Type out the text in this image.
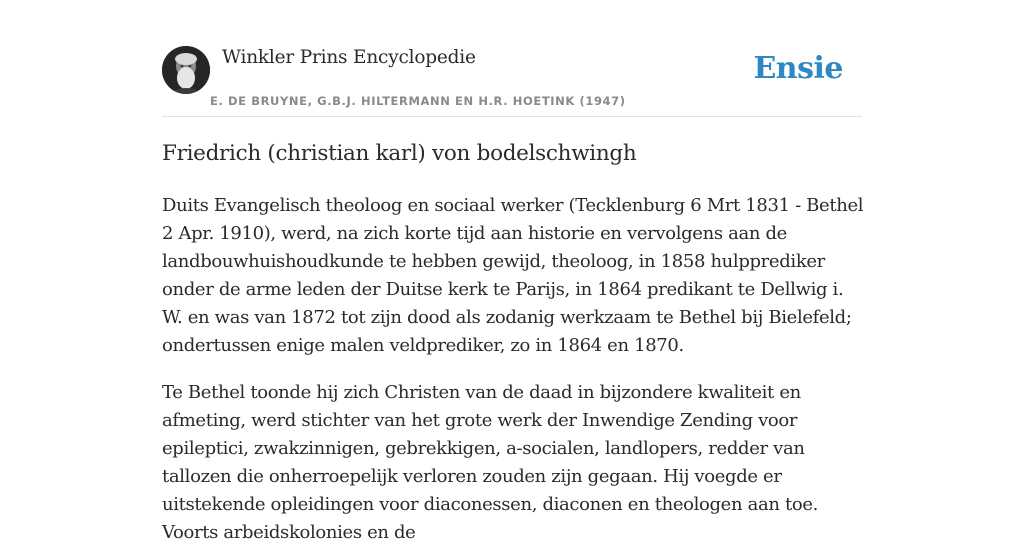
Winkler Prins Encyclopedie
E. DE BRUYNE, G.B.J. HILTERMANN EN H.R. HOETINK (1947)
Ensie
Friedrich (christian karl) von bodelschwingh

Duits Evangelisch theoloog en sociaal werker (Tecklenburg 6 Mrt 1831 - Bethel 2 Apr. 1910), werd, na zich korte tijd aan historie en vervolgens aan de landbouwhuishoudkunde te hebben gewijd, theoloog, in 1858 hulpprediker onder de arme leden der Duitse kerk te Parijs, in 1864 predikant te Dellwig i. W. en was van 1872 tot zijn dood als zodanig werkzaam te Bethel bij Bielefeld; ondertussen enige malen veldprediker, zo in 1864 en 1870.

Te Bethel toonde hij zich Christen van de daad in bijzondere kwaliteit en afmeting, werd stichter van het grote werk der Inwendige Zending voor epileptici, zwakzinnigen, gebrekkigen, a-socialen, landlopers, redder van tallozen die onherroepelijk verloren zouden zijn gegaan. Hij voegde er uitstekende opleidingen voor diaconessen, diaconen en theologen aan toe. Voorts arbeidskolonies en de
